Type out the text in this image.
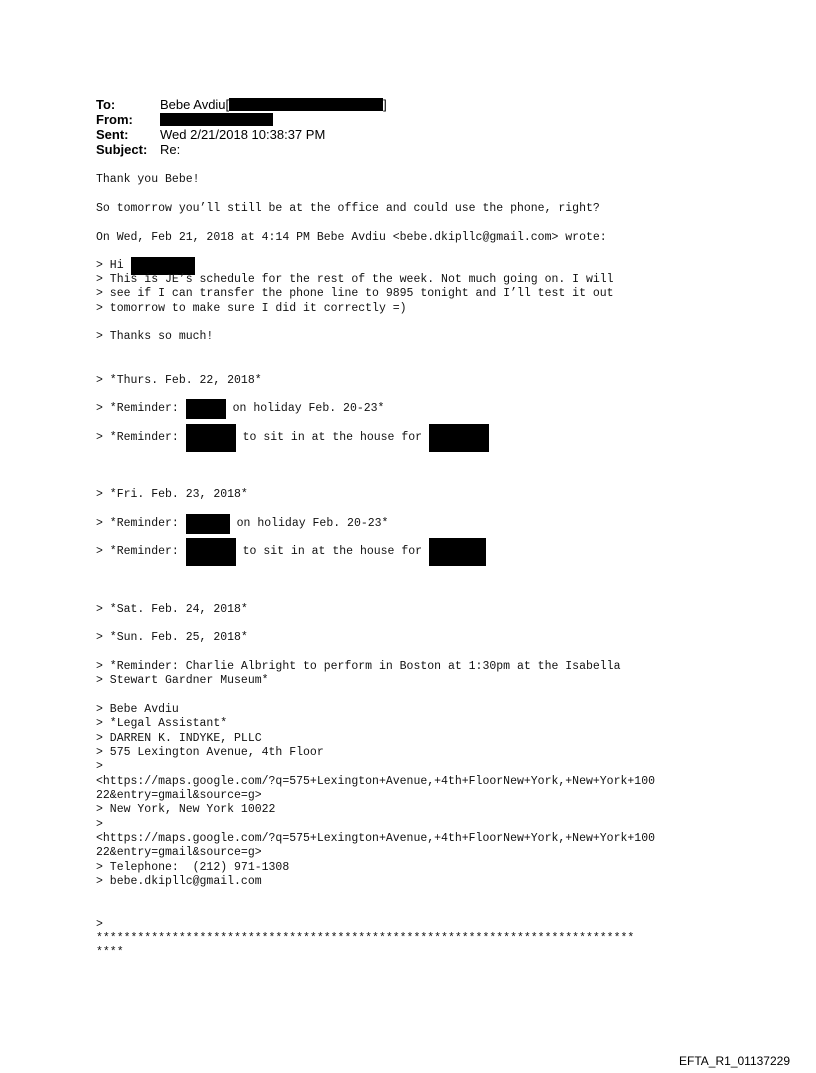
To:	Bebe Avdiu[	]
From:
Sent:	Wed 2/21/2018 10:38:37 PM
Subject: Re:
Thank you Bebe!
So tomorrow you’ll still be at the office and could use the phone, right?
On Wed, Feb 21, 2018 at 4:14 PM Bebe Avdiu <bebe.dkipllc@gmail.com> wrote:
> Hi
> This is JE’s schedule for the rest of the week. Not much going on. I will
> see if I can transfer the phone line to 9895 tonight and I’ll test it out
> tomorrow to make sure I did it correctly =)
> Thanks so much!
> *Thurs. Feb. 22, 2018*
> *Reminder:	on holiday Feb. 20-23*
> *Reminder:	to sit in at the house for
> *Fri. Feb. 23, 2018*
> *Reminder:	on holiday Feb. 20-23*
> *Reminder:	to sit in at the house for
> *Sat. Feb. 24, 2018*
> *Sun. Feb. 25, 2018*
> *Reminder: Charlie Albright to perform in Boston at 1:30pm at the Isabella
> Stewart Gardner Museum*
> Bebe Avdiu
> *Legal Assistant*
> DARREN K. INDYKE, PLLC
> 575 Lexington Avenue, 4th Floor
>
<https://maps.google.com/?q=575+Lexington+Avenue,+4th+FloorNew+York,+New+York+100
22&entry=gmail&source=g>
> New York, New York 10022
>
<https://maps.google.com/?q=575+Lexington+Avenue,+4th+FloorNew+York,+New+York+100
22&entry=gmail&source=g>
> Telephone:  (212) 971-1308
> bebe.dkipllc@gmail.com
>
******************************************************************************
****
EFTA_R1_01137229
